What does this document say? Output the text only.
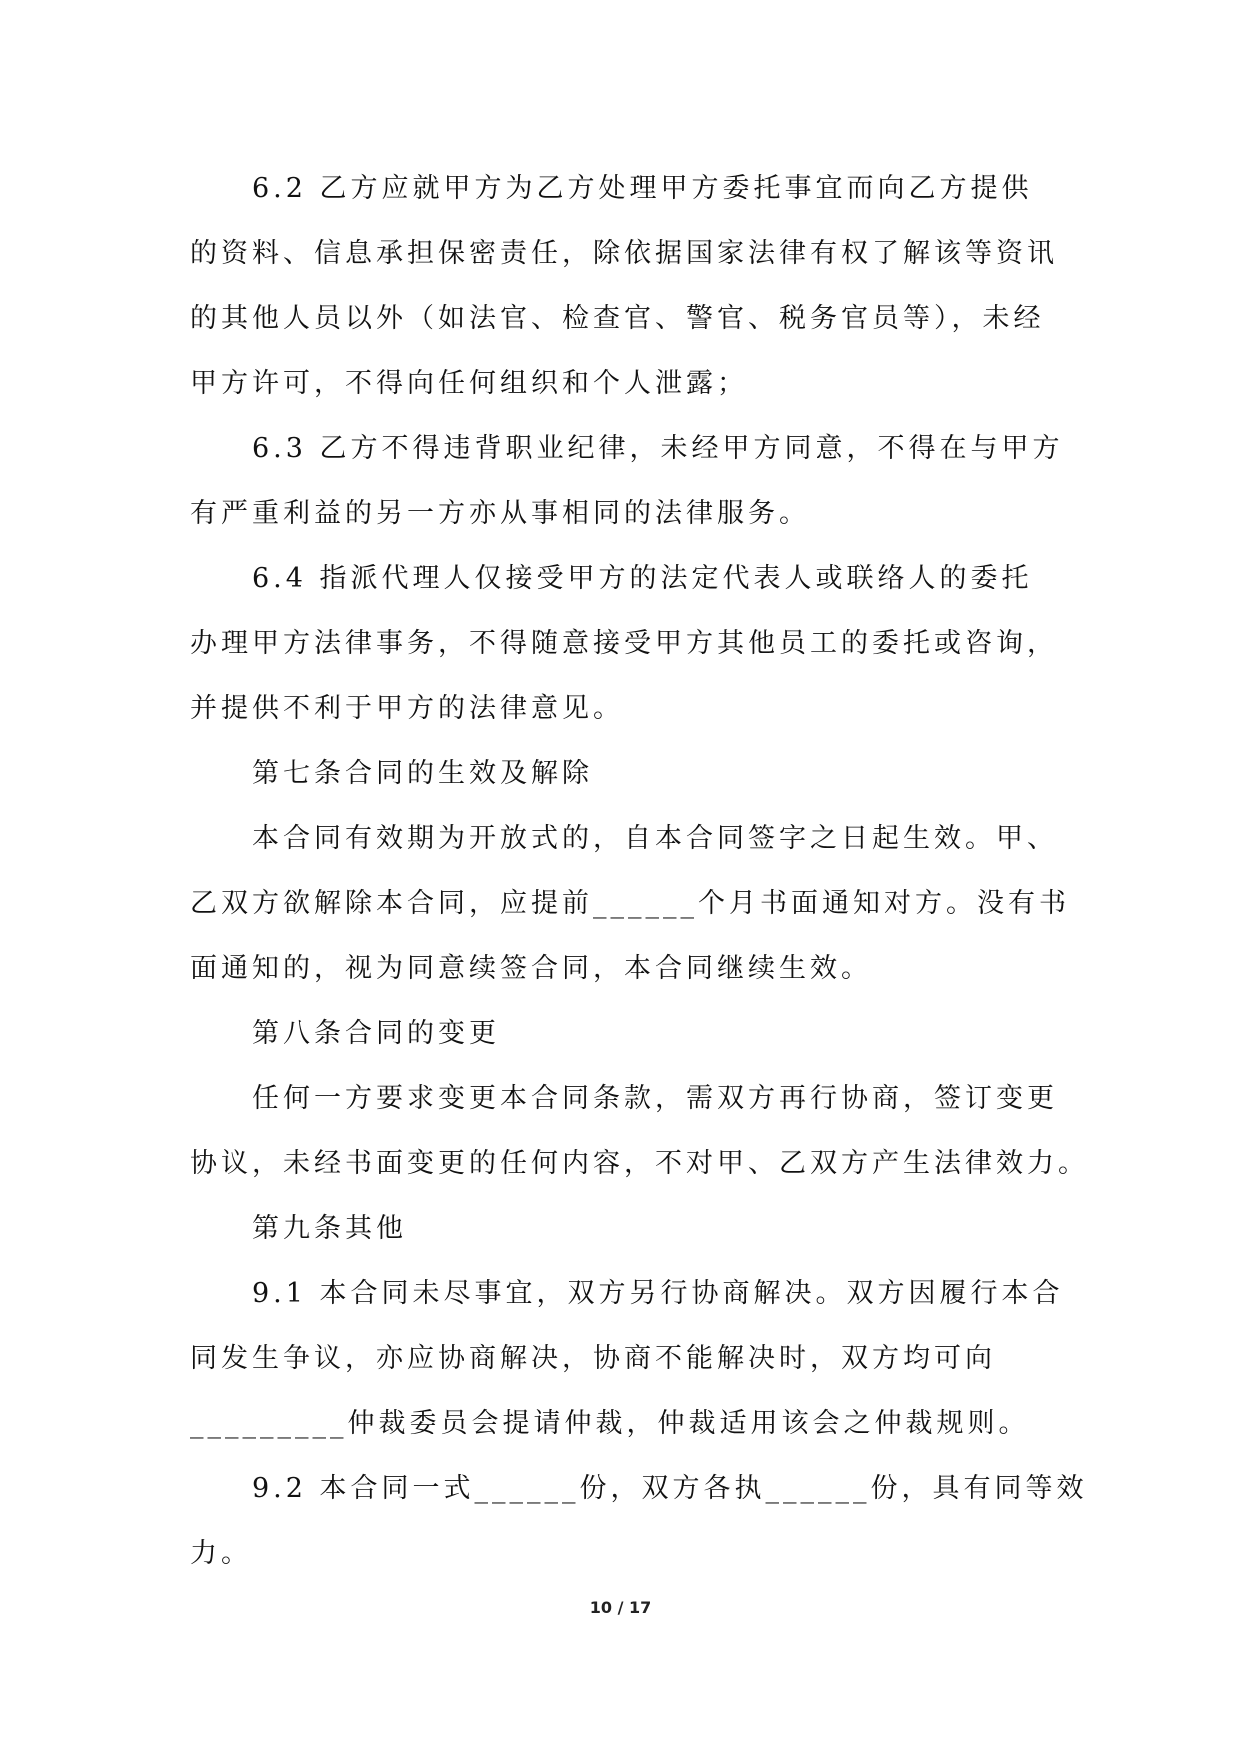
6.2 乙方应就甲方为乙方处理甲方委托事宜而向乙方提供
的资料、信息承担保密责任，除依据国家法律有权了解该等资讯
的其他人员以外（如法官、检查官、警官、税务官员等），未经
甲方许可，不得向任何组织和个人泄露；
6.3 乙方不得违背职业纪律，未经甲方同意，不得在与甲方
有严重利益的另一方亦从事相同的法律服务。
6.4 指派代理人仅接受甲方的法定代表人或联络人的委托
办理甲方法律事务，不得随意接受甲方其他员工的委托或咨询，
并提供不利于甲方的法律意见。
第七条合同的生效及解除
本合同有效期为开放式的，自本合同签字之日起生效。甲、
乙双方欲解除本合同，应提前______个月书面通知对方。没有书
面通知的，视为同意续签合同，本合同继续生效。
第八条合同的变更
任何一方要求变更本合同条款，需双方再行协商，签订变更
协议，未经书面变更的任何内容，不对甲、乙双方产生法律效力。
第九条其他
9.1 本合同未尽事宜，双方另行协商解决。双方因履行本合
同发生争议，亦应协商解决，协商不能解决时，双方均可向
_________仲裁委员会提请仲裁，仲裁适用该会之仲裁规则。
9.2 本合同一式______份，双方各执______份，具有同等效
力。
10 / 17
